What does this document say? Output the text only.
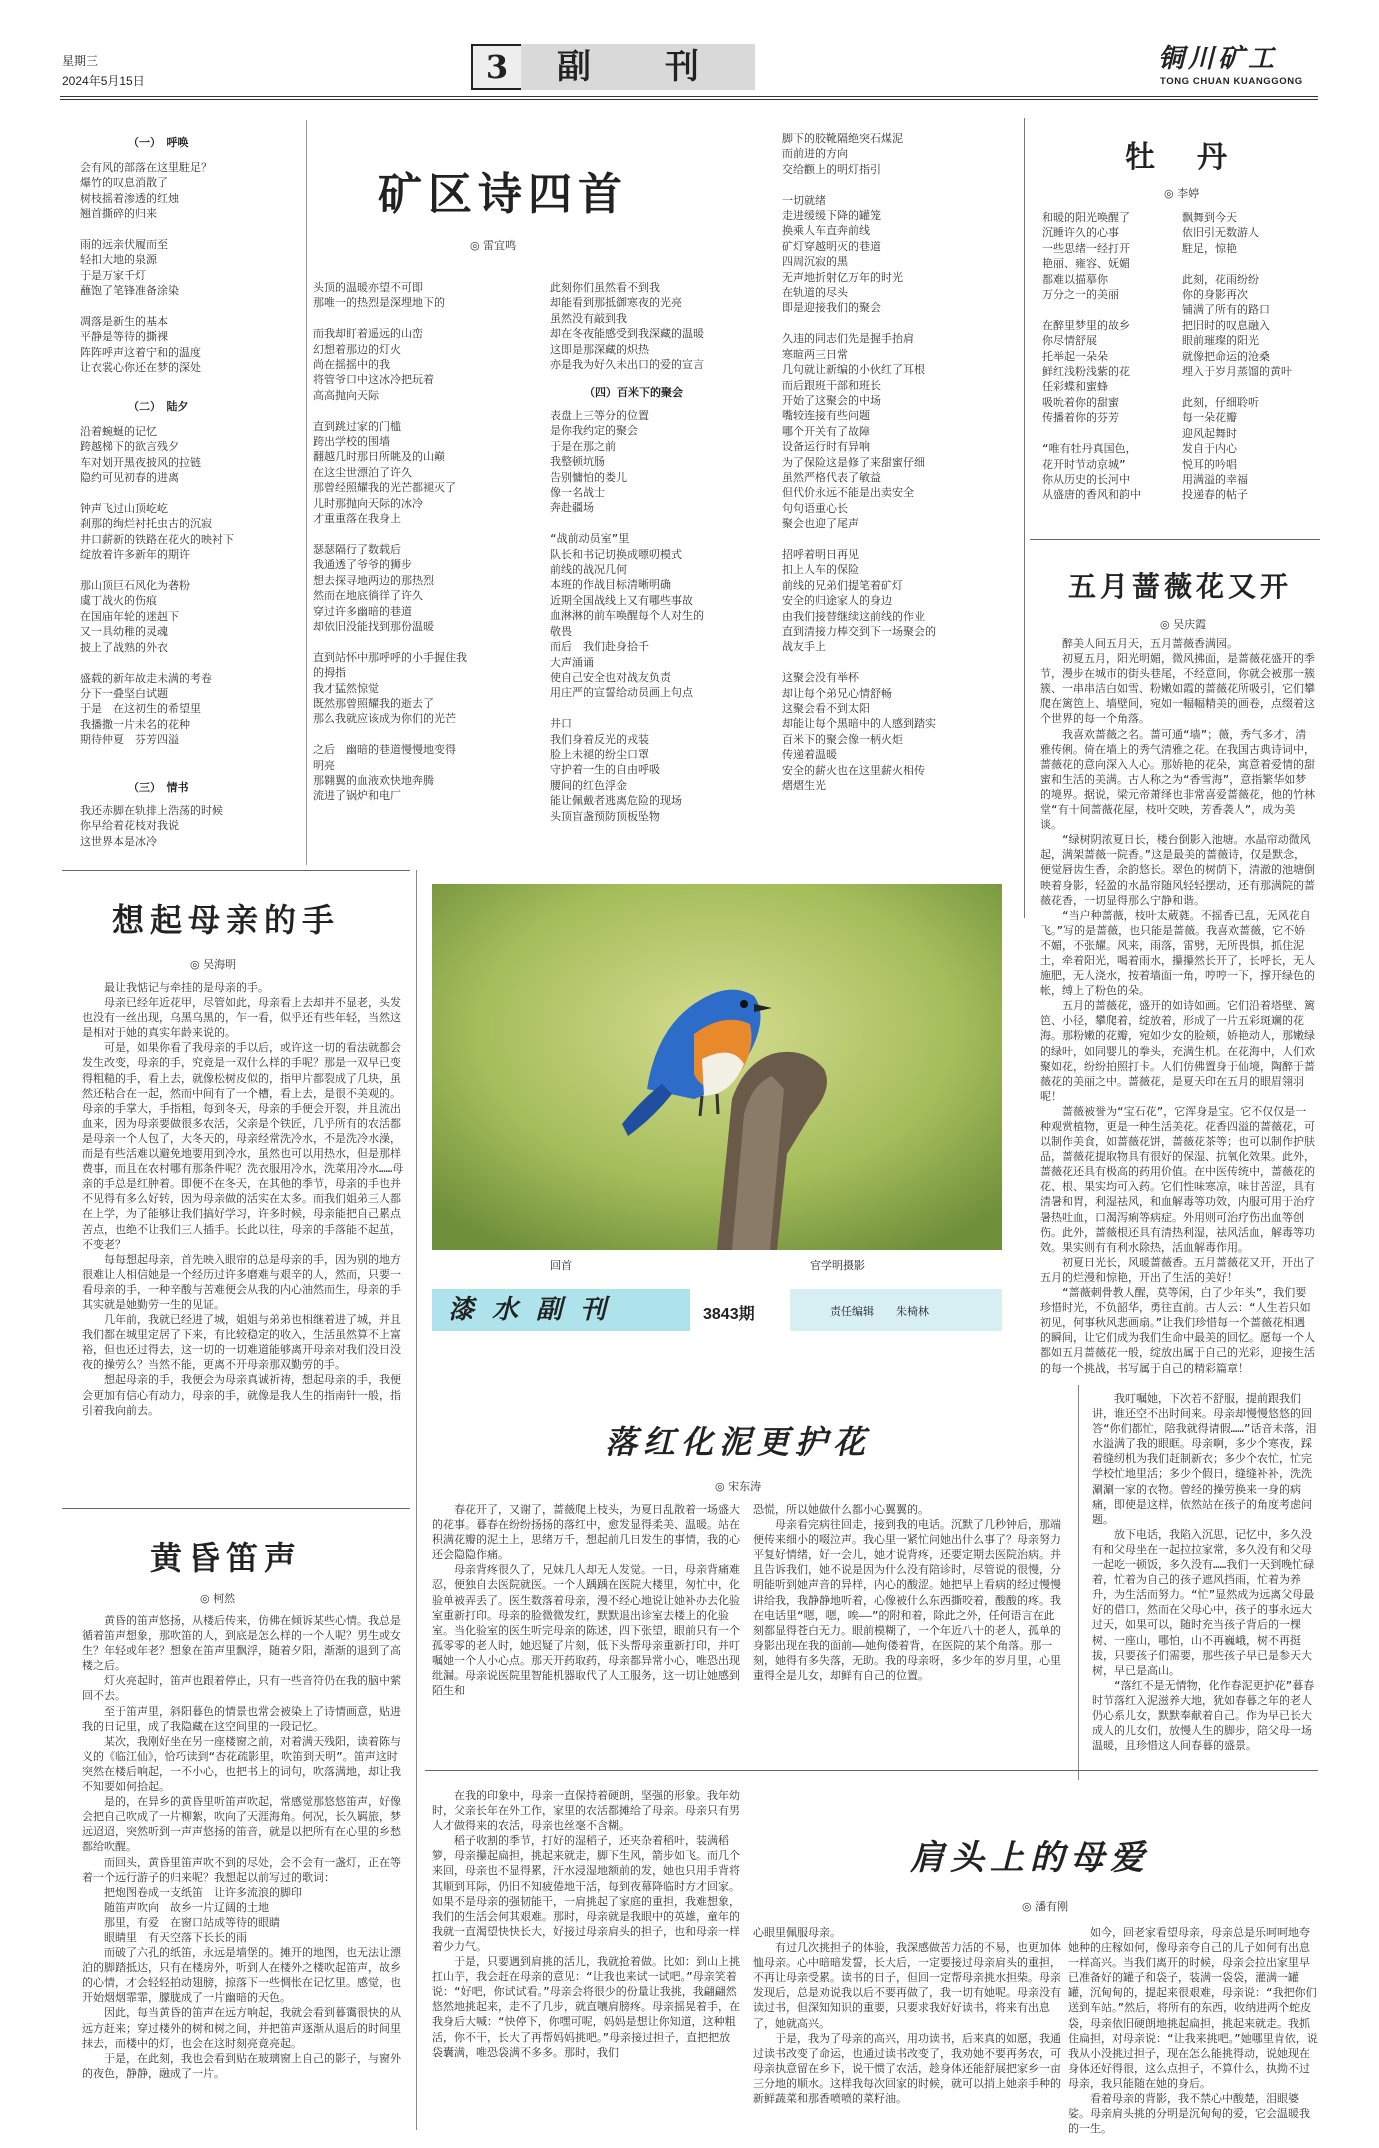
星期三
2024年5月15日	3	副　刊	铜川矿工
TONG CHUAN KUANGGONG
矿区诗四首
◎ 雷宜鸣
（一）　呼唤
会有风的部落在这里駐足？
爆竹的叹息消散了
树枝摇着渗透的红烛
翘首撕碎的归来

雨的远亲伏履而至
轻扣大地的泉源
于是万家千灯
蘸饱了笔锋准备涂染

凋落是新生的基本
平静是等待的撕裸
阵阵呼声这着宁和的温度
让衣裳心你还在梦的深处
（二）　陆夕
沿着蜿蜒的记忆
跨越梯下的欲言残夕
车对划开黑夜披风的拉链
隐约可见初春的进离

钟声飞过山顶屹屹
刹那的绚烂衬托虫古的沉寂
井口薪新的铁路在花火的映衬下
绽放着许多新年的期许

那山顶巨石风化为砻粉
虞丁战火的伤痕
在国庙年轮的迷赳下
又一具幼稚的灵魂
披上了战熟的外衣

盛载的新年故走未满的考卷
分下一叠坚白试题
于是　在这初生的希望里
我播撒一片未名的花种
期待仲夏　芬芳四溢
（三）　情书
我还赤脚在轨排上浩荡的时候
你早给着花枝对我说
这世界本是冰冷
头顶的温暖亦望不可即
那唯一的热烈是深埋地下的

而我却盯着遥远的山峦
幻想着那边的灯火
尚在摇摇中的我
将管爷口中这冰冷把玩着
高高抛向天际

直到跳过家的门槛
跨出学校的围墙
翻越几时那日所眺及的山巅
在这尘世漂泊了许久
那曾经照耀我的光芒都褪灭了
儿时那抛向天际的冰冷
才重重落在我身上

瑟瑟隔行了数载后
我通透了爷爷的狮步
想去探寻地两边的那热烈
然而在地底徜徉了许久
穿过许多幽暗的巷道
却依旧没能找到那份温暖

直到站怀中那呼呼的小手握住我
的拇指
我才猛然惊觉
既然那曾照耀我的逝去了
那么我就应该成为你们的光芒

之后　幽暗的巷道慢慢地变得
明亮
那翱翼的血液欢快地奔腾
流进了锅炉和电厂
此刻你们虽然看不到我
却能看到那抵御寒夜的光亮
虽然没有敲到我
却在冬夜能感受到我深藏的温暖
这即是那深藏的炽热
亦是我为好久未出口的爱的宣言
（四）百米下的聚会
表盘上三等分的位置
是你我约定的聚会
于是在那之前
我整顿坑肠
告别慵怕的娄儿
像一名战士
奔赴疆场

“战前动员室”里
队长和书记切换成嘌叨模式
前线的战况几何
本班的作战目标清晰明确
近期全国战线上又有哪些事故
血淋淋的前车唤醒每个人对生的
敬畏
而后　我们赴身拾千
大声涌诵
使自己安全也对战友负责
用庄严的宣誓给动员画上句点

井口
我们身着反光的戎装
脸上未褪的纷尘口罩
守护着一生的自由呼吸
腰间的红色浮金
能让佩戴者逃离危险的现场
头顶盲盏预防顶板坠物
脚下的胶靴隔绝突石煤泥
而前进的方向
交给颧上的明灯指引

一切就绪
走进缓缓下降的罐笼
换乘人车直奔前线
矿灯穿越明灭的巷道
四周沉寂的黑
无声地折射亿万年的时光
在轨道的尽头
即是迎接我们的聚会

久违的同志们先是握手抬肩
寒暄两三日常
几句就让新编的小伙红了耳根
而后跟班干部和班长
开始了这聚会的中场
嘴较连接有些问题
哪个开关有了故障
设备运行时有异响
为了保险这是修了来甜蜜仔细
虽然严格代表了敏益
但代价永远不能是出卖安全
句句语重心长
聚会也迎了尾声

招呼着明日再见
扣上人车的保险
前线的兄弟们提笔着矿灯
安全的归途家人的身边
由我们接替继续这前线的作业
直到清接力棒交到下一场聚会的
战友手上

这聚会没有举杯
却让每个弟兄心情舒畅
这聚会看不到太阳
却能让每个黑暗中的人感到踏实
百米下的聚会像一柄火炬
传递着温暖
安全的薪火也在这里薪火相传
熠熠生光
牡　丹
◎ 李婷
和暖的阳光唤醒了
沉睡许久的心事
一些思绪一经打开
艳丽、雍容、妩媚
都难以描摹你
万分之一的美丽

在醉里梦里的故乡
你尽情舒展
托举起一朵朵
鲜红浅粉浅紫的花
任彩蝶和蜜蜂
吸吮着你的甜蜜
传播着你的芬芳

“唯有牡丹真国色，
花开时节动京城”
你从历史的长河中
从盛唐的香风和韵中
飘舞到今天
依旧引无数游人
駐足，惊艳

此刻，花雨纷纷
你的身影再次
铺满了所有的路口
把旧时的叹息融入
眼前璀璨的阳光
就像把命运的沧桑
埋入于岁月蒸馏的黄叶

此刻，仔细聆听
每一朵花瓣
迎风起舞时
发自于内心
悦耳的吟唱
用满溢的幸福
投递春的帖子
五月蔷薇花又开
◎ 吴庆霞
　　醉美人间五月天，五月蔷薇香满园。
　　初夏五月，阳光明媚，微风拂面，是蔷薇花盛开的季节，漫步在城市的街头巷尾，不经意间，你就会被那一簇簇、一串串洁白如雪、粉嫩如霞的蔷薇花所吸引，它们攀爬在篱笆上、墙壁间，宛如一幅幅精美的画卷，点缀着这个世界的每一个角落。
　　我喜欢蔷薇之名。蔷可通“墙”；薇，秀气多才，清雅传俐。倚在墙上的秀气清雅之花。在我国古典诗词中，蔷薇花的意向深入人心。那娇艳的花朵，寓意着爱情的甜蜜和生活的美满。古人称之为“香雪海”，意指繁华如梦的境界。据说，梁元帝萧绎也非常喜爱蔷薇花，他的竹林堂“有十间蔷薇花屋，枝叶交映，芳香袭人”，成为美谈。
　　“绿树阴浓夏日长，楼台倒影入池塘。水晶帘动微风起，满架蔷薇一院香。”这是最美的蔷薇诗，仅是默念，便觉唇齿生香，余韵悠长。翠色的树荫下，清澈的池塘倒映着身影，轻盈的水晶帘随风轻轻摆动，还有那满院的蔷薇花香，一切显得那么宁静和谐。
　　“当户种蔷薇，枝叶太葳蕤。不摇香已乱，无风花自飞。”写的是蔷薇，也只能是蔷薇。我喜欢蔷薇，它不娇不媚，不张耀。风来，雨落，雷劈，无所畏惧，抓住泥土，牵着阳光，喝着雨水，攥攥然长开了，长呼长，无人施肥，无人浇水，按着墙面一角，哼哼一下，撑开绿色的帐，缚上了粉色的朵。
　　五月的蔷薇花，盛开的如诗如画。它们沿着塔壁、篱笆、小径，攀爬着，绽放着，形成了一片五彩斑斓的花海。那粉嫩的花瓣，宛如少女的脸颊，娇艳动人，那嫩绿的绿叶，如同婴儿的拳头，充满生机。在花海中，人们欢聚如花，纷纷拍照打卡。人们仿佛置身于仙境，陶醉于蔷薇花的美丽之中。蔷薇花，是夏天印在五月的眼眉翎羽呢！
　　蔷薇被誉为“宝石花”，它浑身是宝。它不仅仅是一种观赏植物，更是一种生活美花。花香四溢的蔷薇花，可以制作美食，如蔷薇花饼，蔷薇花茶等；也可以制作护肤品，蔷薇花提取物具有很好的保湿、抗氧化效果。此外，蔷薇花还具有极高的药用价值。在中医传统中，蔷薇花的花、根、果实均可入药。它们性味寒凉，味甘苦涩，具有清暑和胃，利湿祛风，和血解毒等功效，内服可用于治疗暑热吐血，口渴泻痢等病症。外用则可治疗伤出血等创伤。此外，蔷薇根还具有清热利湿，祛风活血，解毒等功效。果实则有有利水除热，活血解毒作用。
　　初夏日光长，风暖蔷薇香。五月蔷薇花又开，开出了五月的烂漫和惊艳，开出了生活的美好！
　　“蔷薇刺骨教人醒，莫等闲，白了少年头”，我们要珍惜时光，不负韶华，勇往直前。古人云：“人生若只如初见，何事秋风悲画扇。”让我们珍惜每一个蔷薇花相遇的瞬间，让它们成为我们生命中最美的回忆。愿每一个人都如五月蔷薇花一般，绽放出属于自己的光彩，迎接生活的每一个挑战，书写属于自己的精彩篇章！
想起母亲的手
◎ 吴海明
　　最让我惦记与牵挂的是母亲的手。
　　母亲已经年近花甲，尽管如此，母亲看上去却并不显老，头发也没有一丝出现，乌黑乌黑的，乍一看，似乎还有些年轻，当然这是相对于她的真实年龄来说的。
　　可是，如果你看了我母亲的手以后，或许这一切的看法就都会发生改变，母亲的手，究竟是一双什么样的手呢？那是一双早已变得粗糙的手，看上去，就像松树皮似的，指甲片都裂成了几块，虽然还粘合在一起，然而中间有了一个槽，看上去，是很不美观的。母亲的手掌大，手指粗，每到冬天，母亲的手便会开裂，并且流出血来，因为母亲要做很多农活，父亲是个铁匠，几乎所有的农活都是母亲一个人包了，大冬天的，母亲经常洗冷水，不是洗冷水澡，而是有些活难以避免地要用到冷水，虽然也可以用热水，但是那样费事，而且在农村哪有那条件呢？洗衣服用冷水，洗菜用冷水……母亲的手总是红肿着。即便不在冬天，在其他的季节，母亲的手也并不见得有多么好转，因为母亲做的活实在太多。而我们姐弟三人都在上学，为了能够让我们搞好学习，许多时候，母亲能把自己累点苦点，也绝不让我们三人插手。长此以往，母亲的手落能不起茧，不变老？
　　每每想起母亲，首先映入眼帘的总是母亲的手，因为别的地方很难让人相信她是一个经历过许多磨难与艰辛的人，然而，只要一看母亲的手，一种辛酸与苦难便会从我的内心油然而生，母亲的手其实就是她勤劳一生的见证。
　　几年前，我就已经进了城，姐姐与弟弟也相继着进了城，并且我们都在城里定居了下来，有比较稳定的收入，生活虽然算不上富裕，但也还过得去，这一切的一切难道能够离开母亲对我们没日没夜的操劳么？当然不能，更离不开母亲那双勤劳的手。
　　想起母亲的手，我便会为母亲真诚祈祷，想起母亲的手，我便会更加有信心有动力，母亲的手，就像是我人生的指南针一般，指引着我向前去。
回首	官学明摄影
漆水副刊	3843期	责任编辑 朱椅林
落红化泥更护花
◎ 宋东涛
　　春花开了，又谢了，蔷薇爬上枝头，为夏日乱散着一场盛大的花事。暮春在纷纷扬扬的落红中，愈发显得柔美、温暖。站在积满花瓣的泥土上，思绪万千，想起前几日发生的事情，我的心还会隐隐作痛。
　　母亲背疼很久了，兄妹几人却无人发觉。一日，母亲背痛难忍，便独自去医院就医。一个人踽踽在医院大楼里，匆忙中，化验单被弄丢了。医生数落着母亲，漫不经心地说让她补办去化验室重新打印。母亲的脸微微发红，默默退出诊室去楼上的化验室。当化验室的医生听完母亲的陈述，四下张望，眼前只有一个孤零零的老人时，她迟疑了片刻，低下头帮母亲重新打印，并叮嘱她一个人小心点。那天开药取药，母亲都异常小心，唯恐出现纰漏。母亲说医院里智能机器取代了人工服务，这一切让她感到陌生和
恐慌，所以她做什么都小心翼翼的。
　　母亲看完病往回走，接到我的电话。沉默了几秒钟后，那端便传来细小的啜泣声。我心里一紧忙问她出什么事了？母亲努力平复好情绪，好一会儿，她才说背疼，还要定期去医院治病。并且告诉我们，她不说是因为什么没有陪诊时，尽管说的很慢，分明能听到她声音的异样，内心的酸涩。她把早上看病的经过慢慢讲给我，我静静地听着，心像被什么东西撕咬着，酸酸的疼。我在电话里“嗯，嗯，唉——”的附和着，除此之外，任何语言在此刻都显得苍白无力。眼前模糊了，一个年近八十的老人，孤单的身影出现在我的面前——她佝偻着背，在医院的某个角落。那一刻，她得有多失落，无助。我的母亲呀，多少年的岁月里，心里重得全是儿女，却鲜有自己的位置。
　　我叮嘱她，下次若不舒服，提前跟我们讲，谁还空不出时间来。母亲却慢慢悠悠的回答“你们都忙，陪我就得请假……”话音未落，泪水溢满了我的眼眶。母亲啊，多少个寒夜，踩着缝纫机为我们赶制新衣；多少个农忙，忙完学校忙地里活；多少个假日，缝缝补补，洗洗涮涮一家的衣物。曾经的操劳换来一身的病痛，即使是这样，依然站在孩子的角度考虑问题。
　　放下电话，我陷入沉思，记忆中，多久没有和父母坐在一起拉拉家常，多久没有和父母一起吃一顿饭，多久没有……我们一天到晚忙碌着，忙着为自己的孩子遮风挡雨，忙着为养升，为生活而努力。“忙”显然成为远离父母最好的借口，然而在父母心中，孩子的事永远大过天，如果可以，随时充当孩子背后的一棵树、一座山，哪怕，山不再巍峨，树不再挺拔，只要孩子们需要，那些孩子早已是参天大树，早已是高山。
　　“落红不是无情物，化作春泥更护花”暮春时节落红入泥滋养大地，犹如春暮之年的老人仍心系儿女，默默奉献着自己。作为早已长大成人的儿女们，放慢人生的脚步，陪父母一场温暖，且珍惜这人间春暮的盛景。
黄昏笛声
◎ 柯然
　　黄昏的笛声悠扬，从楼后传来，仿佛在倾诉某些心情。我总是循着笛声想象，那吹笛的人，到底是怎么样的一个人呢？男生或女生？年轻或年老？想象在笛声里飘浮，随着夕阳，渐渐的退到了高楼之后。
　　灯火亮起时，笛声也跟着停止，只有一些音符仍在我的脑中萦回不去。
　　至于笛声里，斜阳暮色的情景也常会被染上了诗情画意，贴进我的日记里，成了我隐藏在这空间里的一段记忆。
　　某次，我刚好坐在另一座楼窗之前，对着满天残阳，读着陈与义的《临江仙》，恰巧读到“杏花疏影里，吹笛到天明”。笛声这时突然在楼后响起，一不小心，也把书上的词句，吹落满地，却让我不知要如何拾起。
　　是的，在异乡的黄昏里听笛声吹起，常感觉那悠悠笛声，好像会把自己吹成了一片柳絮，吹向了天涯海角。何况，长久羁旅，梦远迢迢，突然听到一声声悠扬的笛音，就是以把所有在心里的乡愁都给吹醒。
　　而回头，黄昏里笛声吹不到的尽处，会不会有一盏灯，正在等着一个远行游子的归来呢？我想起以前写过的歌词：
　　把炮图卷成一支纸笛　让许多流浪的脚印
　　随笛声吹向　故乡一片辽阔的土地
　　那里，有爱　在窗口站成等待的眼睛
　　眼睛里　有天空落下长长的雨
　　而破了六孔的纸笛，永远是墙堡的。摊开的地图，也无法让漂泊的脚踏抵达，只有在楼房外，听到人在楼外之楼吹起笛声，故乡的心情，才会轻轻拍动翅膀，掠落下一些惆怅在记忆里。感觉，也开始烟烟霏霏，朦胧成了一片幽暗的天色。
　　因此，每当黄昏的笛声在远方响起，我就会看到暮霭很快的从远方赶来；穿过楼外的树和树之间，并把笛声逐渐从退后的时间里抹去，而楼中的灯，也会在这时刻亮竟亮起。
　　于是，在此刻，我也会看到贴在玻璃窗上自己的影子，与窗外的夜色，静静，融成了一片。
　　在我的印象中，母亲一直保持着硬朗，坚强的形象。我年幼时，父亲长年在外工作，家里的农活都摊给了母亲。母亲只有男人才做得来的农活，母亲也丝毫不含糊。
　　稻子收割的季节，打好的湿稻子，还夹杂着稻叶，装满稻箩，母亲攥起扁担，挑起来就走，脚下生风，箭步如飞。而几个来回，母亲也不显得累，汗水浸湿地额前的发，她也只用手背将其顺到耳际，仍旧不知疲倦地干活，每到夜幕降临时方才回家。如果不是母亲的强韧能干，一肩挑起了家庭的重担，我难想象，我们的生活会何其艰难。那时，母亲就是我眼中的英雄，童年的我就一直渴望快快长大，好接过母亲肩头的担子，也和母亲一样着少力气。
　　于是，只要遇到肩挑的活儿，我就抢着做。比如：到山上挑扛山芋，我会赶在母亲的意见：“让我也来试一试吧。”母亲笑着说：“好吧，你试试看。”母亲会将很少的份量让我挑，我翩翩然悠然地挑起来，走不了几步，就直嚷肩膀疼。母亲摇晃着手，在我身后大喊：“快停下，你嘿可呢，妈妈是想让你知道，这种粗活，你不干，长大了再帮妈妈挑吧。”母亲接过担子，直把把放袋囊满，唯恐袋满不多多。那时，我们
心眼里佩服母亲。
　　有过几次挑担子的体验，我深感做苦力活的不易，也更加体恤母亲。心中暗暗发誓，长大后，一定要接过母亲肩头的重担，不再让母亲受累。读书的日子，但回一定帮母亲挑水担柴。母亲发现后，总是劝说我以后不要再做了，我一切有她呢。母亲没有读过书，但深知知识的重要，只要求我好好读书，将来有出息了，她就高兴。
　　于是，我为了母亲的高兴，用功读书，后来真的如愿，我通过读书改变了命运，也通过读书改变了，我劝她不要再务农，可母亲执意留在乡下，说干惯了农活，趁身体还能舒展把家乡一亩三分地的顺水。这样我每次回家的时候，就可以捎上她亲手种的新鲜蔬菜和那香喷喷的菜籽油。
肩头上的母爱
◎ 潘有刚
　　如今，回老家看望母亲，母亲总是乐呵呵地夸她种的庄稼如何，像母亲夸自己的儿子如何有出息一样高兴。当我们离开的时候，母亲会拉出家里早已准备好的罐子和袋子，装满一袋袋，灌满一罐罐，沉甸甸的，提起来很艰难，母亲说：“我把你们送到车站。”然后，将所有的东西，收纳进两个蛇皮袋，母亲依旧硬朗地挑起扁担，挑起来就走。我抓住扁担，对母亲说：“让我来挑吧。”她哪里肯依，说我从小没挑过担子，现在怎么能挑得动，说她现在身体还好得很，这么点担子，不算什么，执拗不过母亲，我只能随在她的身后。
　　看着母亲的背影，我不禁心中酸楚，泪眼婆娑。母亲肩头挑的分明是沉甸甸的爱，它会温暖我的一生。
